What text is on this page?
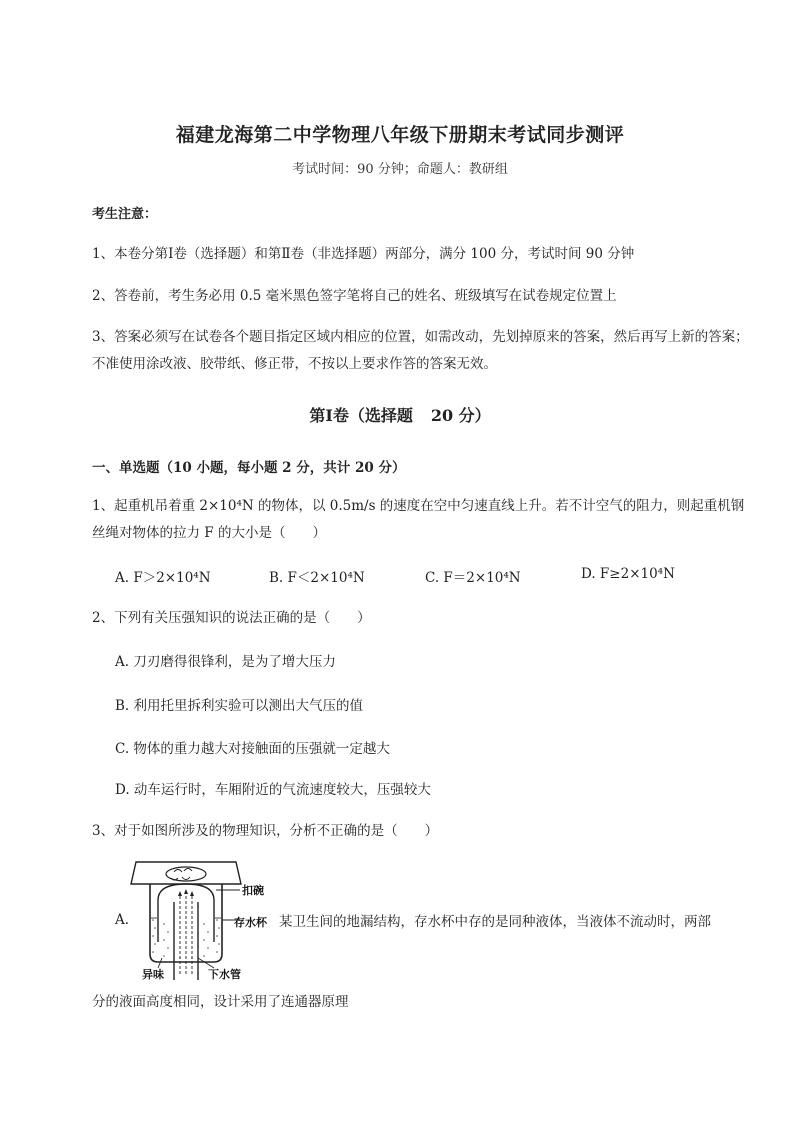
福建龙海第二中学物理八年级下册期末考试同步测评
考试时间：90 分钟；命题人：教研组
考生注意：
1、本卷分第Ⅰ卷（选择题）和第Ⅱ卷（非选择题）两部分，满分 100 分，考试时间 90 分钟
2、答卷前，考生务必用 0.5 毫米黑色签字笔将自己的姓名、班级填写在试卷规定位置上
3、答案必须写在试卷各个题目指定区域内相应的位置，如需改动，先划掉原来的答案，然后再写上新的答案；不准使用涂改液、胶带纸、修正带，不按以上要求作答的答案无效。
第Ⅰ卷（选择题 20 分）
一、单选题（10 小题，每小题 2 分，共计 20 分）
1、起重机吊着重 2×10⁴N 的物体，以 0.5m/s 的速度在空中匀速直线上升。若不计空气的阻力，则起重机钢丝绳对物体的拉力 F 的大小是（　　）
A. F＞2×10⁴N	B. F＜2×10⁴N	C. F＝2×10⁴N	D. F≥2×10⁴N
2、下列有关压强知识的说法正确的是（　　）
A. 刀刃磨得很锋利，是为了增大压力
B. 利用托里拆利实验可以测出大气压的值
C. 物体的重力越大对接触面的压强就一定越大
D. 动车运行时，车厢附近的气流速度较大，压强较大
3、对于如图所涉及的物理知识，分析不正确的是（　　）
A.
扣碗
存水杯
异味	下水管
某卫生间的地漏结构，存水杯中存的是同种液体，当液体不流动时，两部
分的液面高度相同，设计采用了连通器原理
